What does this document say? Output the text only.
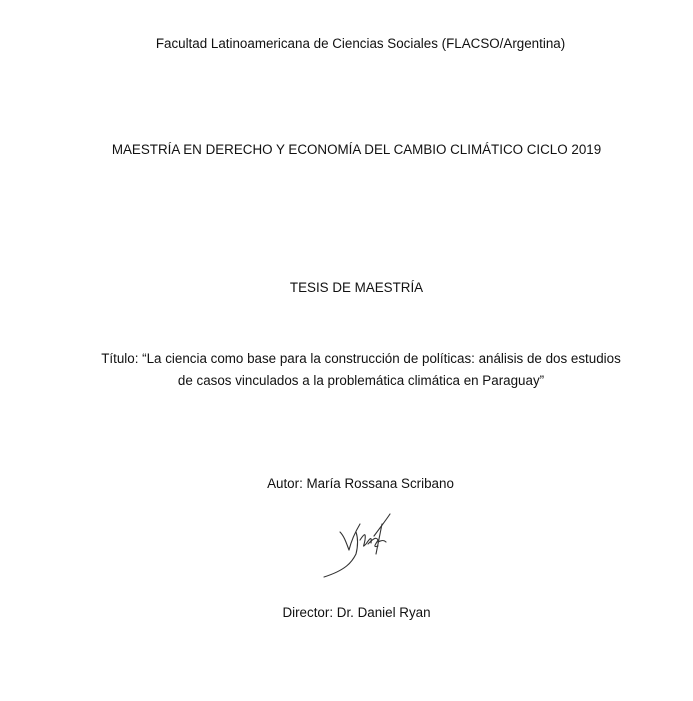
Facultad Latinoamericana de Ciencias Sociales (FLACSO/Argentina)
MAESTRÍA EN DERECHO Y ECONOMÍA DEL CAMBIO CLIMÁTICO CICLO 2019
TESIS DE MAESTRÍA
Título: “La ciencia como base para la construcción de políticas: análisis de dos estudios
de casos vinculados a la problemática climática en Paraguay”
Autor: María Rossana Scribano
Director: Dr. Daniel Ryan
